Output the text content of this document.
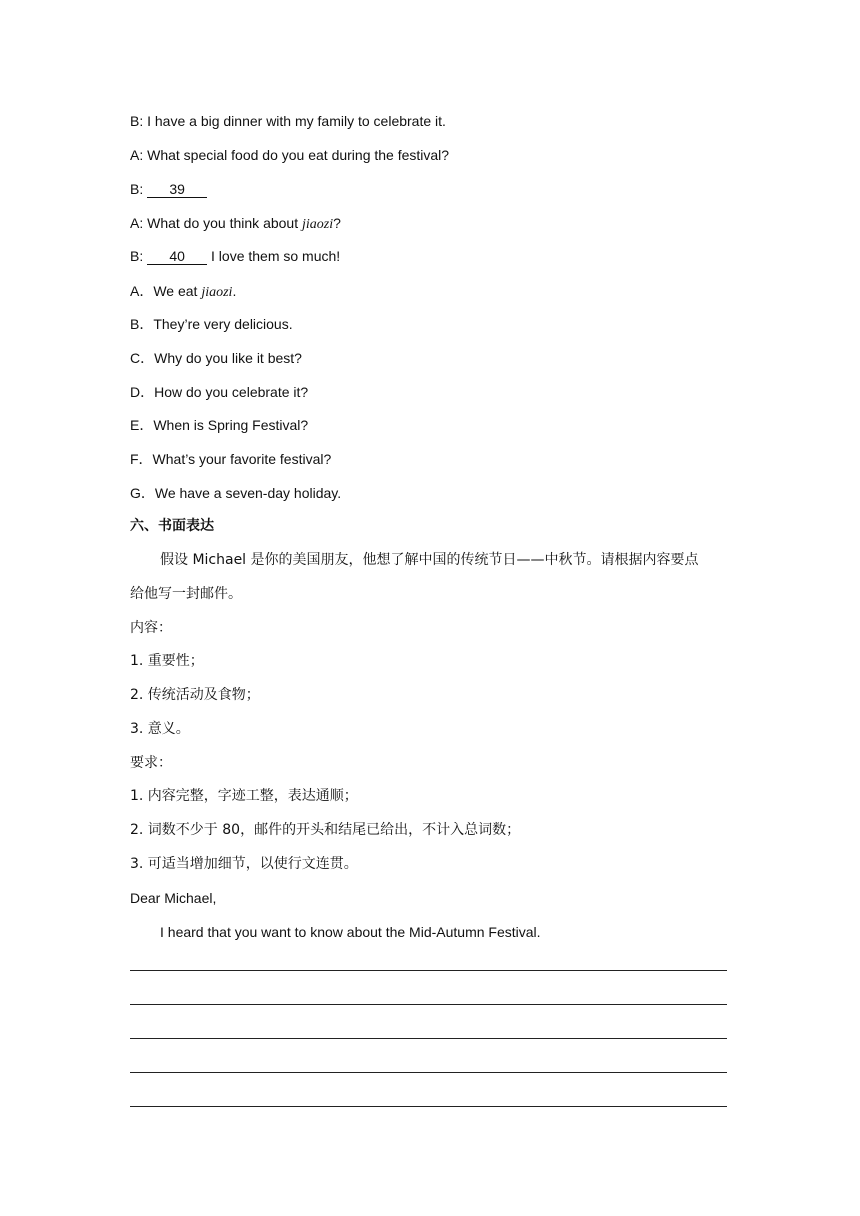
B: I have a big dinner with my family to celebrate it.
A: What special food do you eat during the festival?
B: 39
A: What do you think about jiaozi?
B: 40 I love them so much!
A．We eat jiaozi.
B．They’re very delicious.
C．Why do you like it best?
D．How do you celebrate it?
E．When is Spring Festival?
F．What’s your favorite festival?
G．We have a seven-day holiday.
六、书面表达
假设 Michael 是你的美国朋友，他想了解中国的传统节日——中秋节。请根据内容要点
给他写一封邮件。
内容：
1. 重要性；
2. 传统活动及食物；
3. 意义。
要求：
1. 内容完整，字迹工整，表达通顺；
2. 词数不少于 80，邮件的开头和结尾已给出，不计入总词数；
3. 可适当增加细节，以使行文连贯。
Dear Michael,
I heard that you want to know about the Mid-Autumn Festival.
